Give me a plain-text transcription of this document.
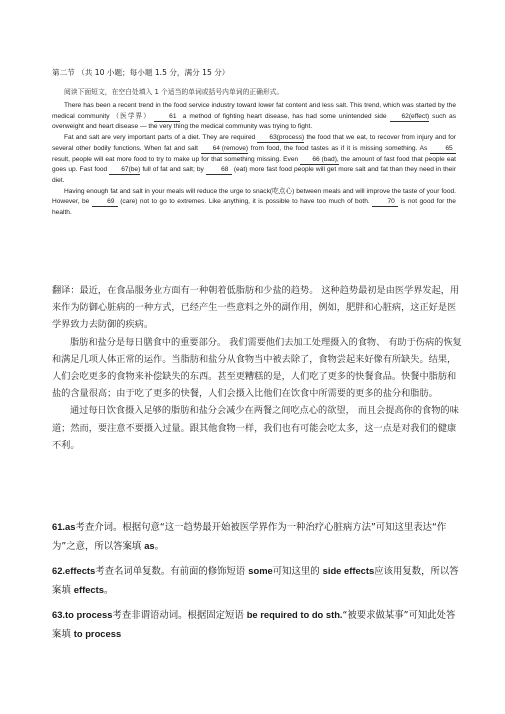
第二节 （共 10 小题；每小题 1.5 分，满分 15 分）
阅读下面短文，在空白处填入 1 个适当的单词或括号内单词的正确形式。

There has been a recent trend in the food service industry toward lower fat content and less salt. This trend, which was started by the medical community （医学界）	61 a method of fighting heart disease, has had some unintended side 62(effect) such as overweight and heart disease — the very thing the medical community was trying to fight.

Fat and salt are very important parts of a diet. They are required 63(process) the food that we eat, to recover from injury and for several other bodily functions. When fat and salt 64 (remove) from food, the food tastes as if it is missing something. As	65 result, people will eat more food to try to make up for that something missing. Even 66 (bad), the amount of fast food that people eat goes up. Fast food 67(be) full of fat and salt; by	68 (eat) more fast food people will get more salt and fat than they need in their diet.

Having enough fat and salt in your meals will reduce the urge to snack(吃点心) between meals and will improve the taste of your food. However, be	69 (care) not to go to extremes. Like anything, it is possible to have too much of both.	70 is not good for the health.

翻译：最近，在食品服务业方面有一种朝着低脂肪和少盐的趋势。 这种趋势最初是由医学界发起，用来作为防御心脏病的一种方式，已经产生一些意料之外的副作用，例如，肥胖和心脏病，这正好是医学界致力去防御的疾病。

脂肪和盐分是每日膳食中的重要部分。 我们需要他们去加工处理摄入的食物、 有助于伤病的恢复和满足几项人体正常的运作。当脂肪和盐分从食物当中被去除了，食物尝起来好像有所缺失。结果，人们会吃更多的食物来补偿缺失的东西。甚至更糟糕的是，人们吃了更多的快餐食品。快餐中脂肪和盐的含量很高；由于吃了更多的快餐，人们会摄入比他们在饮食中所需要的更多的盐分和脂肪。

通过每日饮食摄入足够的脂肪和盐分会减少在两餐之间吃点心的欲望， 而且会提高你的食物的味道；然而，要注意不要摄入过量。跟其他食物一样，我们也有可能会吃太多，这一点是对我们的健康不利。

61.as考查介词。根据句意“这一趋势最开始被医学界作为一种治疗心脏病方法”可知这里表达“作为”之意，所以答案填 as。

62.effects考查名词单复数。有前面的修饰短语 some可知这里的 side effects应该用复数，所以答案填 effects。

63.to process考查非谓语动词。根据固定短语 be required to do sth.“被要求做某事”可知此处答案填 to process
